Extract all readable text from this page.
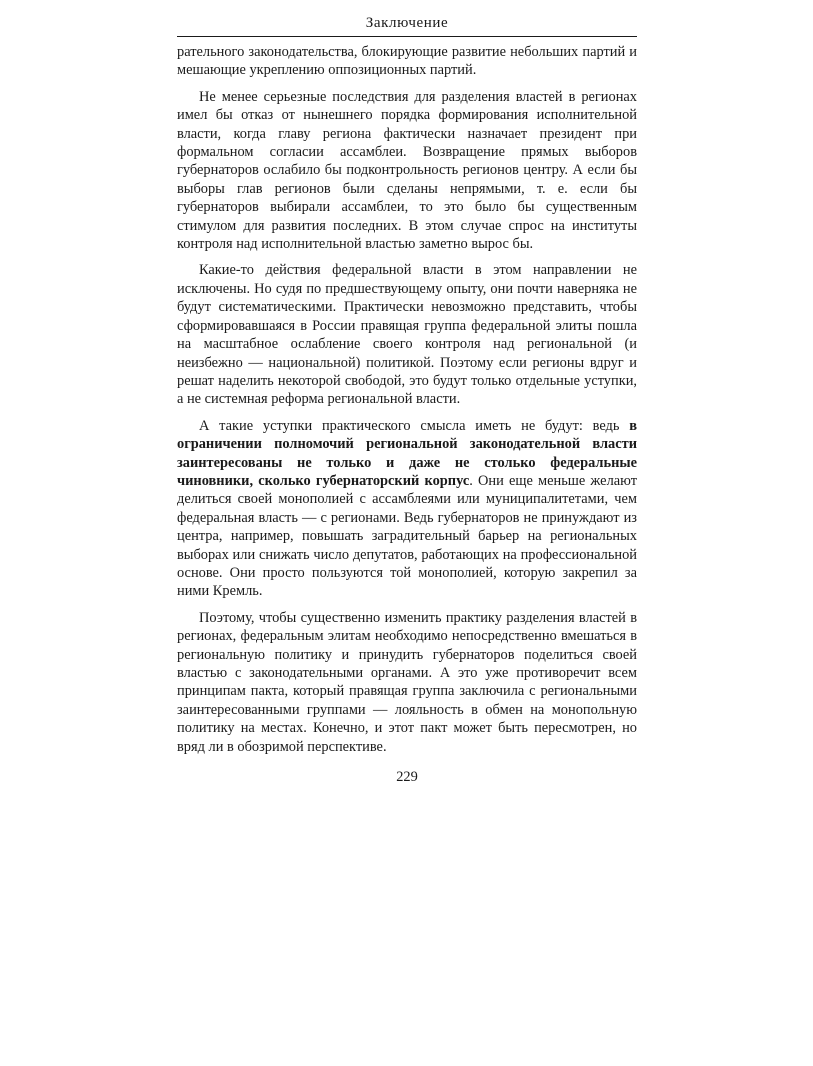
Заключение

рательного законодательства, блокирующие развитие небольших партий и мешающие укреплению оппозиционных партий.

Не менее серьезные последствия для разделения властей в регионах имел бы отказ от нынешнего порядка формирования исполнительной власти, когда главу региона фактически назначает президент при формальном согласии ассамблеи. Возвращение прямых выборов губернаторов ослабило бы подконтрольность регионов центру. А если бы выборы глав регионов были сделаны непрямыми, т. е. если бы губернаторов выбирали ассамблеи, то это было бы существенным стимулом для развития последних. В этом случае спрос на институты контроля над исполнительной властью заметно вырос бы.

Какие-то действия федеральной власти в этом направлении не исключены. Но судя по предшествующему опыту, они почти наверняка не будут систематическими. Практически невозможно представить, чтобы сформировавшаяся в России правящая группа федеральной элиты пошла на масштабное ослабление своего контроля над региональной (и неизбежно — национальной) политикой. Поэтому если регионы вдруг и решат наделить некоторой свободой, это будут только отдельные уступки, а не системная реформа региональной власти.

А такие уступки практического смысла иметь не будут: ведь в ограничении полномочий региональной законодательной власти заинтересованы не только и даже не столько федеральные чиновники, сколько губернаторский корпус. Они еще меньше желают делиться своей монополией с ассамблеями или муниципалитетами, чем федеральная власть — с регионами. Ведь губернаторов не принуждают из центра, например, повышать заградительный барьер на региональных выборах или снижать число депутатов, работающих на профессиональной основе. Они просто пользуются той монополией, которую закрепил за ними Кремль.

Поэтому, чтобы существенно изменить практику разделения властей в регионах, федеральным элитам необходимо непосредственно вмешаться в региональную политику и принудить губернаторов поделиться своей властью с законодательными органами. А это уже противоречит всем принципам пакта, который правящая группа заключила с региональными заинтересованными группами — лояльность в обмен на монопольную политику на местах. Конечно, и этот пакт может быть пересмотрен, но вряд ли в обозримой перспективе.

229
